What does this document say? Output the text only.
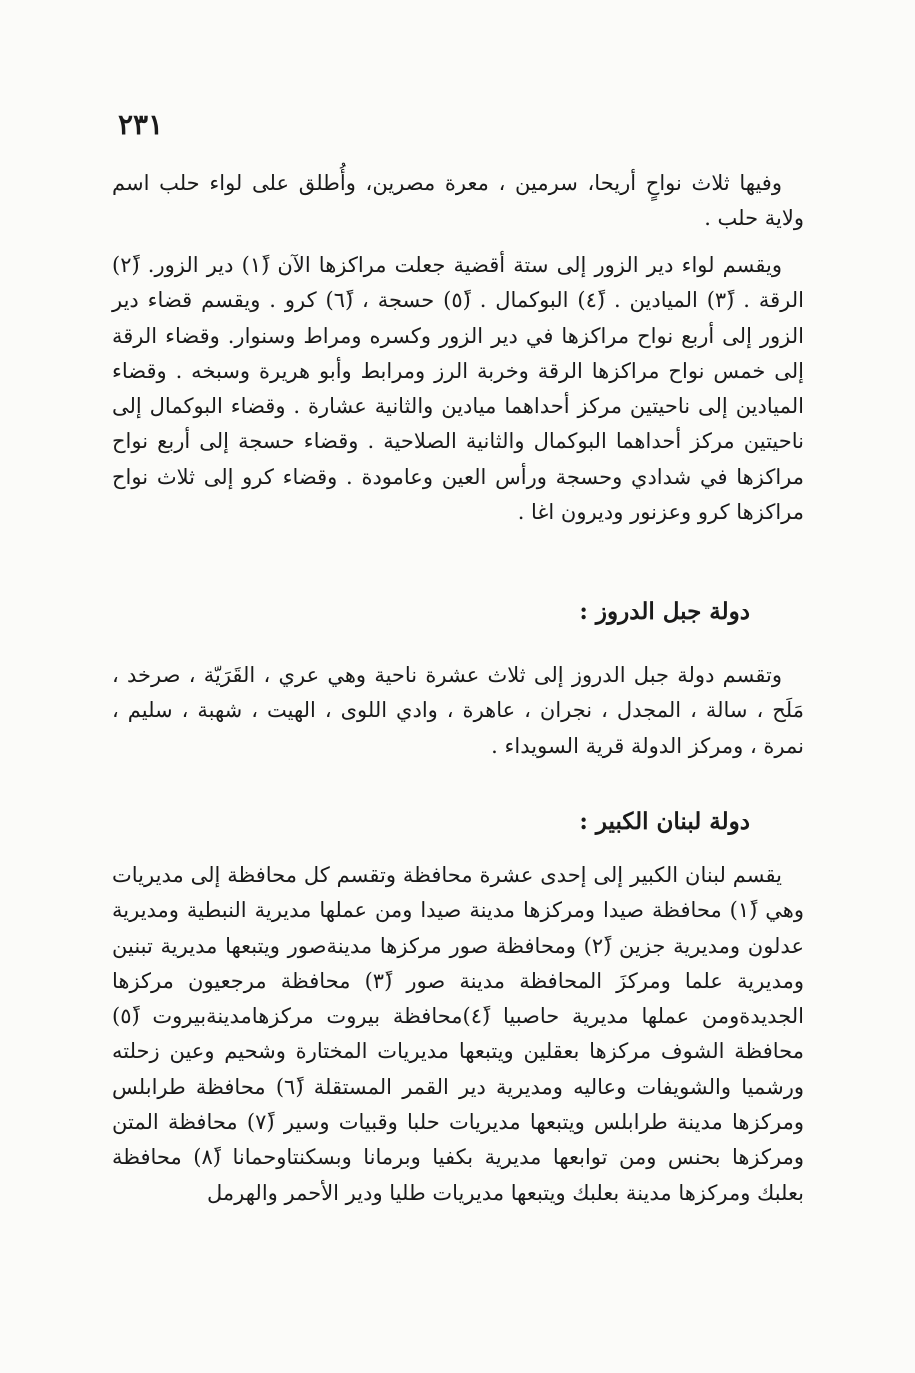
٢٣١

وفيها ثلاث نواحٍ أريحا، سرمين ، معرة مصرين، وأُطلق على لواء حلب اسم ولاية حلب .

ويقسم لواء دير الزور إلى ستة أقضية جعلت مراكزها الآن (١ً) دير الزور. (٢ً) الرقة . (٣ً) الميادين . (٤ً) البوكمال . (٥ً) حسجة ، (٦ً) كرو . ويقسم قضاء دير الزور إلى أربع نواح مراكزها في دير الزور وكسره ومراط وسنوار. وقضاء الرقة إلى خمس نواح مراكزها الرقة وخربة الرز ومرابط وأبو هريرة وسبخه . وقضاء الميادين إلى ناحيتين مركز أحداهما ميادين والثانية عشارة . وقضاء البوكمال إلى ناحيتين مركز أحداهما البوكمال والثانية الصلاحية . وقضاء حسجة إلى أربع نواح مراكزها في شدادي وحسجة ورأس العين وعامودة . وقضاء كرو إلى ثلاث نواح مراكزها كرو وعزنور وديرون اغا .

دولة جبل الدروز :

وتقسم دولة جبل الدروز إلى ثلاث عشرة ناحية وهي عري ، القَرَيّة ، صرخد ، مَلَح ، سالة ، المجدل ، نجران ، عاهرة ، وادي اللوى ، الهيت ، شهبة ، سليم ، نمرة ، ومركز الدولة قرية السويداء .

دولة لبنان الكبير :

يقسم لبنان الكبير إلى إحدى عشرة محافظة وتقسم كل محافظة إلى مديريات وهي (١ً) محافظة صيدا ومركزها مدينة صيدا ومن عملها مديرية النبطية ومديرية عدلون ومديرية جزين (٢ً) ومحافظة صور مركزها مدينةصور ويتبعها مديرية تبنين ومديرية علما ومركزَ المحافظة مدينة صور (٣ً) محافظة مرجعيون مركزها الجديدةومن عملها مديرية حاصبيا (٤ً)محافظة بيروت مركزهامدينةبيروت (٥ً) محافظة الشوف مركزها بعقلين ويتبعها مديريات المختارة وشحيم وعين زحلته ورشميا والشويفات وعاليه ومديرية دير القمر المستقلة (٦ً) محافظة طرابلس ومركزها مدينة طرابلس ويتبعها مديريات حلبا وقبيات وسير (٧ً) محافظة المتن ومركزها بحنس ومن توابعها مديرية بكفيا وبرمانا وبسكنتاوحمانا (٨ً) محافظة بعلبك ومركزها مدينة بعلبك ويتبعها مديريات طليا ودير الأحمر والهرمل
